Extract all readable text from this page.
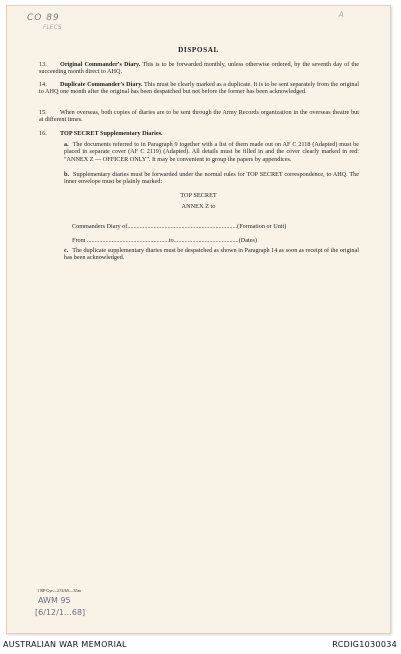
CO 89
FLECS
A
DISPOSAL
13. Original Commander's Diary. This is to be forwarded monthly, unless otherwise ordered, by the seventh day of the succeeding month direct to AHQ.
14. Duplicate Commander's Diary. This must be clearly marked as a duplicate. It is to be sent separately from the original to AHQ one month after the original has been despatched but not before the former has been acknowledged.
15. When overseas, both copies of diaries are to be sent through the Army Records organization in the overseas theatre but at different times.
16. TOP SECRET Supplementary Diaries.
a. The documents referred to in Paragraph 9 together with a list of them made out on AF C 2118 (Adapted) must be placed in separate cover (AF C 2119) (Adapted). All details must be filled in and the cover clearly marked in red: "ANNEX Z — OFFICER ONLY". It may be convenient to group the papers by appendices.
b. Supplementary diaries must be forwarded under the normal rules for TOP SECRET correspondence, to AHQ. The inner envelope must be plainly marked:
TOP SECRET
ANNEX Z to
Commanders Diary of.......................................................................(Formation or Unit)
From .....................................................to..........................................(Dates)
c. The duplicate supplementary diaries must be despatched as shown in Paragraph 14 as soon as receipt of the original has been acknowledged.
1 BP Cyr—274/65—35m
AWM 95
[6/12/1…68]
AUSTRALIAN WAR MEMORIAL	RCDIG1030034
